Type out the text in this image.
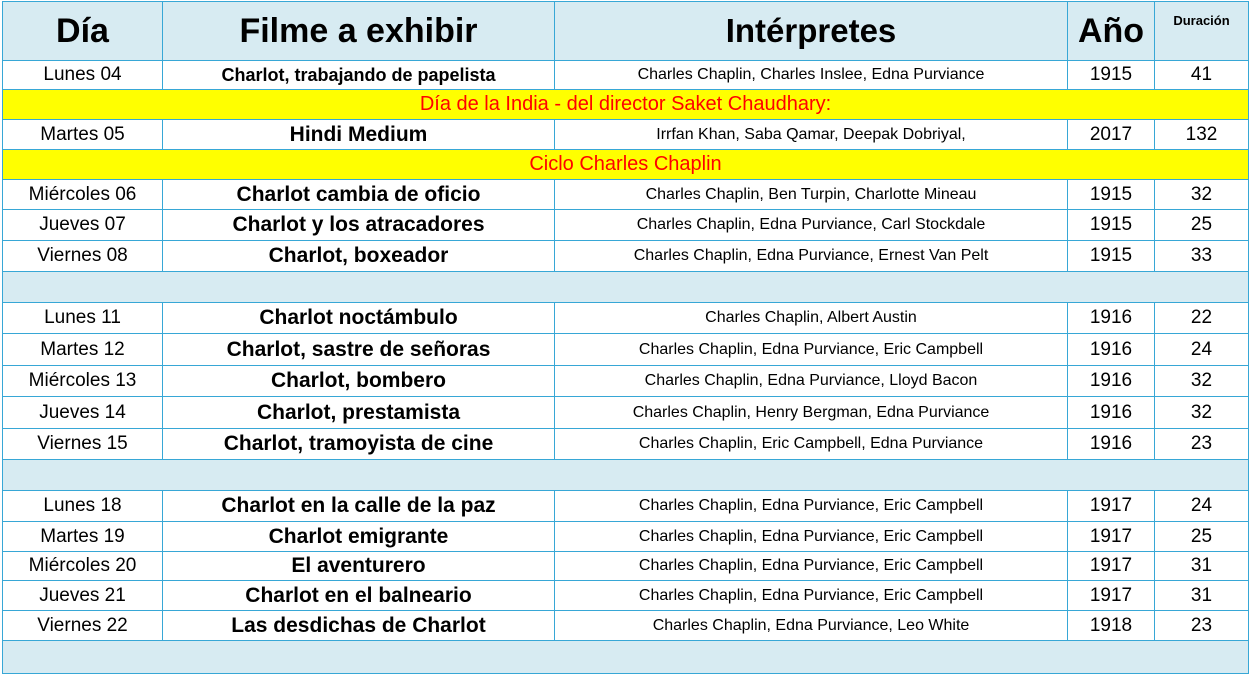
Día	Filme a exhibir	Intérpretes	Año	Duración
Lunes 04	Charlot, trabajando de papelista	Charles Chaplin, Charles Inslee, Edna Purviance	1915	41
Día de la India - del director Saket Chaudhary:				
Martes 05	Hindi Medium	Irrfan Khan, Saba Qamar, Deepak Dobriyal,	2017	132
Ciclo Charles Chaplin				
Miércoles 06	Charlot cambia de oficio	Charles Chaplin, Ben Turpin, Charlotte Mineau	1915	32
Jueves 07	Charlot y los atracadores	Charles Chaplin, Edna Purviance, Carl Stockdale	1915	25
Viernes 08	Charlot, boxeador	Charles Chaplin, Edna Purviance, Ernest Van Pelt	1915	33

Lunes 11	Charlot noctámbulo	Charles Chaplin, Albert Austin	1916	22
Martes 12	Charlot, sastre de señoras	Charles Chaplin, Edna Purviance, Eric Campbell	1916	24
Miércoles 13	Charlot, bombero	Charles Chaplin, Edna Purviance, Lloyd Bacon	1916	32
Jueves 14	Charlot, prestamista	Charles Chaplin, Henry Bergman, Edna Purviance	1916	32
Viernes 15	Charlot, tramoyista de cine	Charles Chaplin, Eric Campbell, Edna Purviance	1916	23

Lunes 18	Charlot en la calle de la paz	Charles Chaplin, Edna Purviance, Eric Campbell	1917	24
Martes 19	Charlot emigrante	Charles Chaplin, Edna Purviance, Eric Campbell	1917	25
Miércoles 20	El aventurero	Charles Chaplin, Edna Purviance, Eric Campbell	1917	31
Jueves 21	Charlot en el balneario	Charles Chaplin, Edna Purviance, Eric Campbell	1917	31
Viernes 22	Las desdichas de Charlot	Charles Chaplin, Edna Purviance, Leo White	1918	23
